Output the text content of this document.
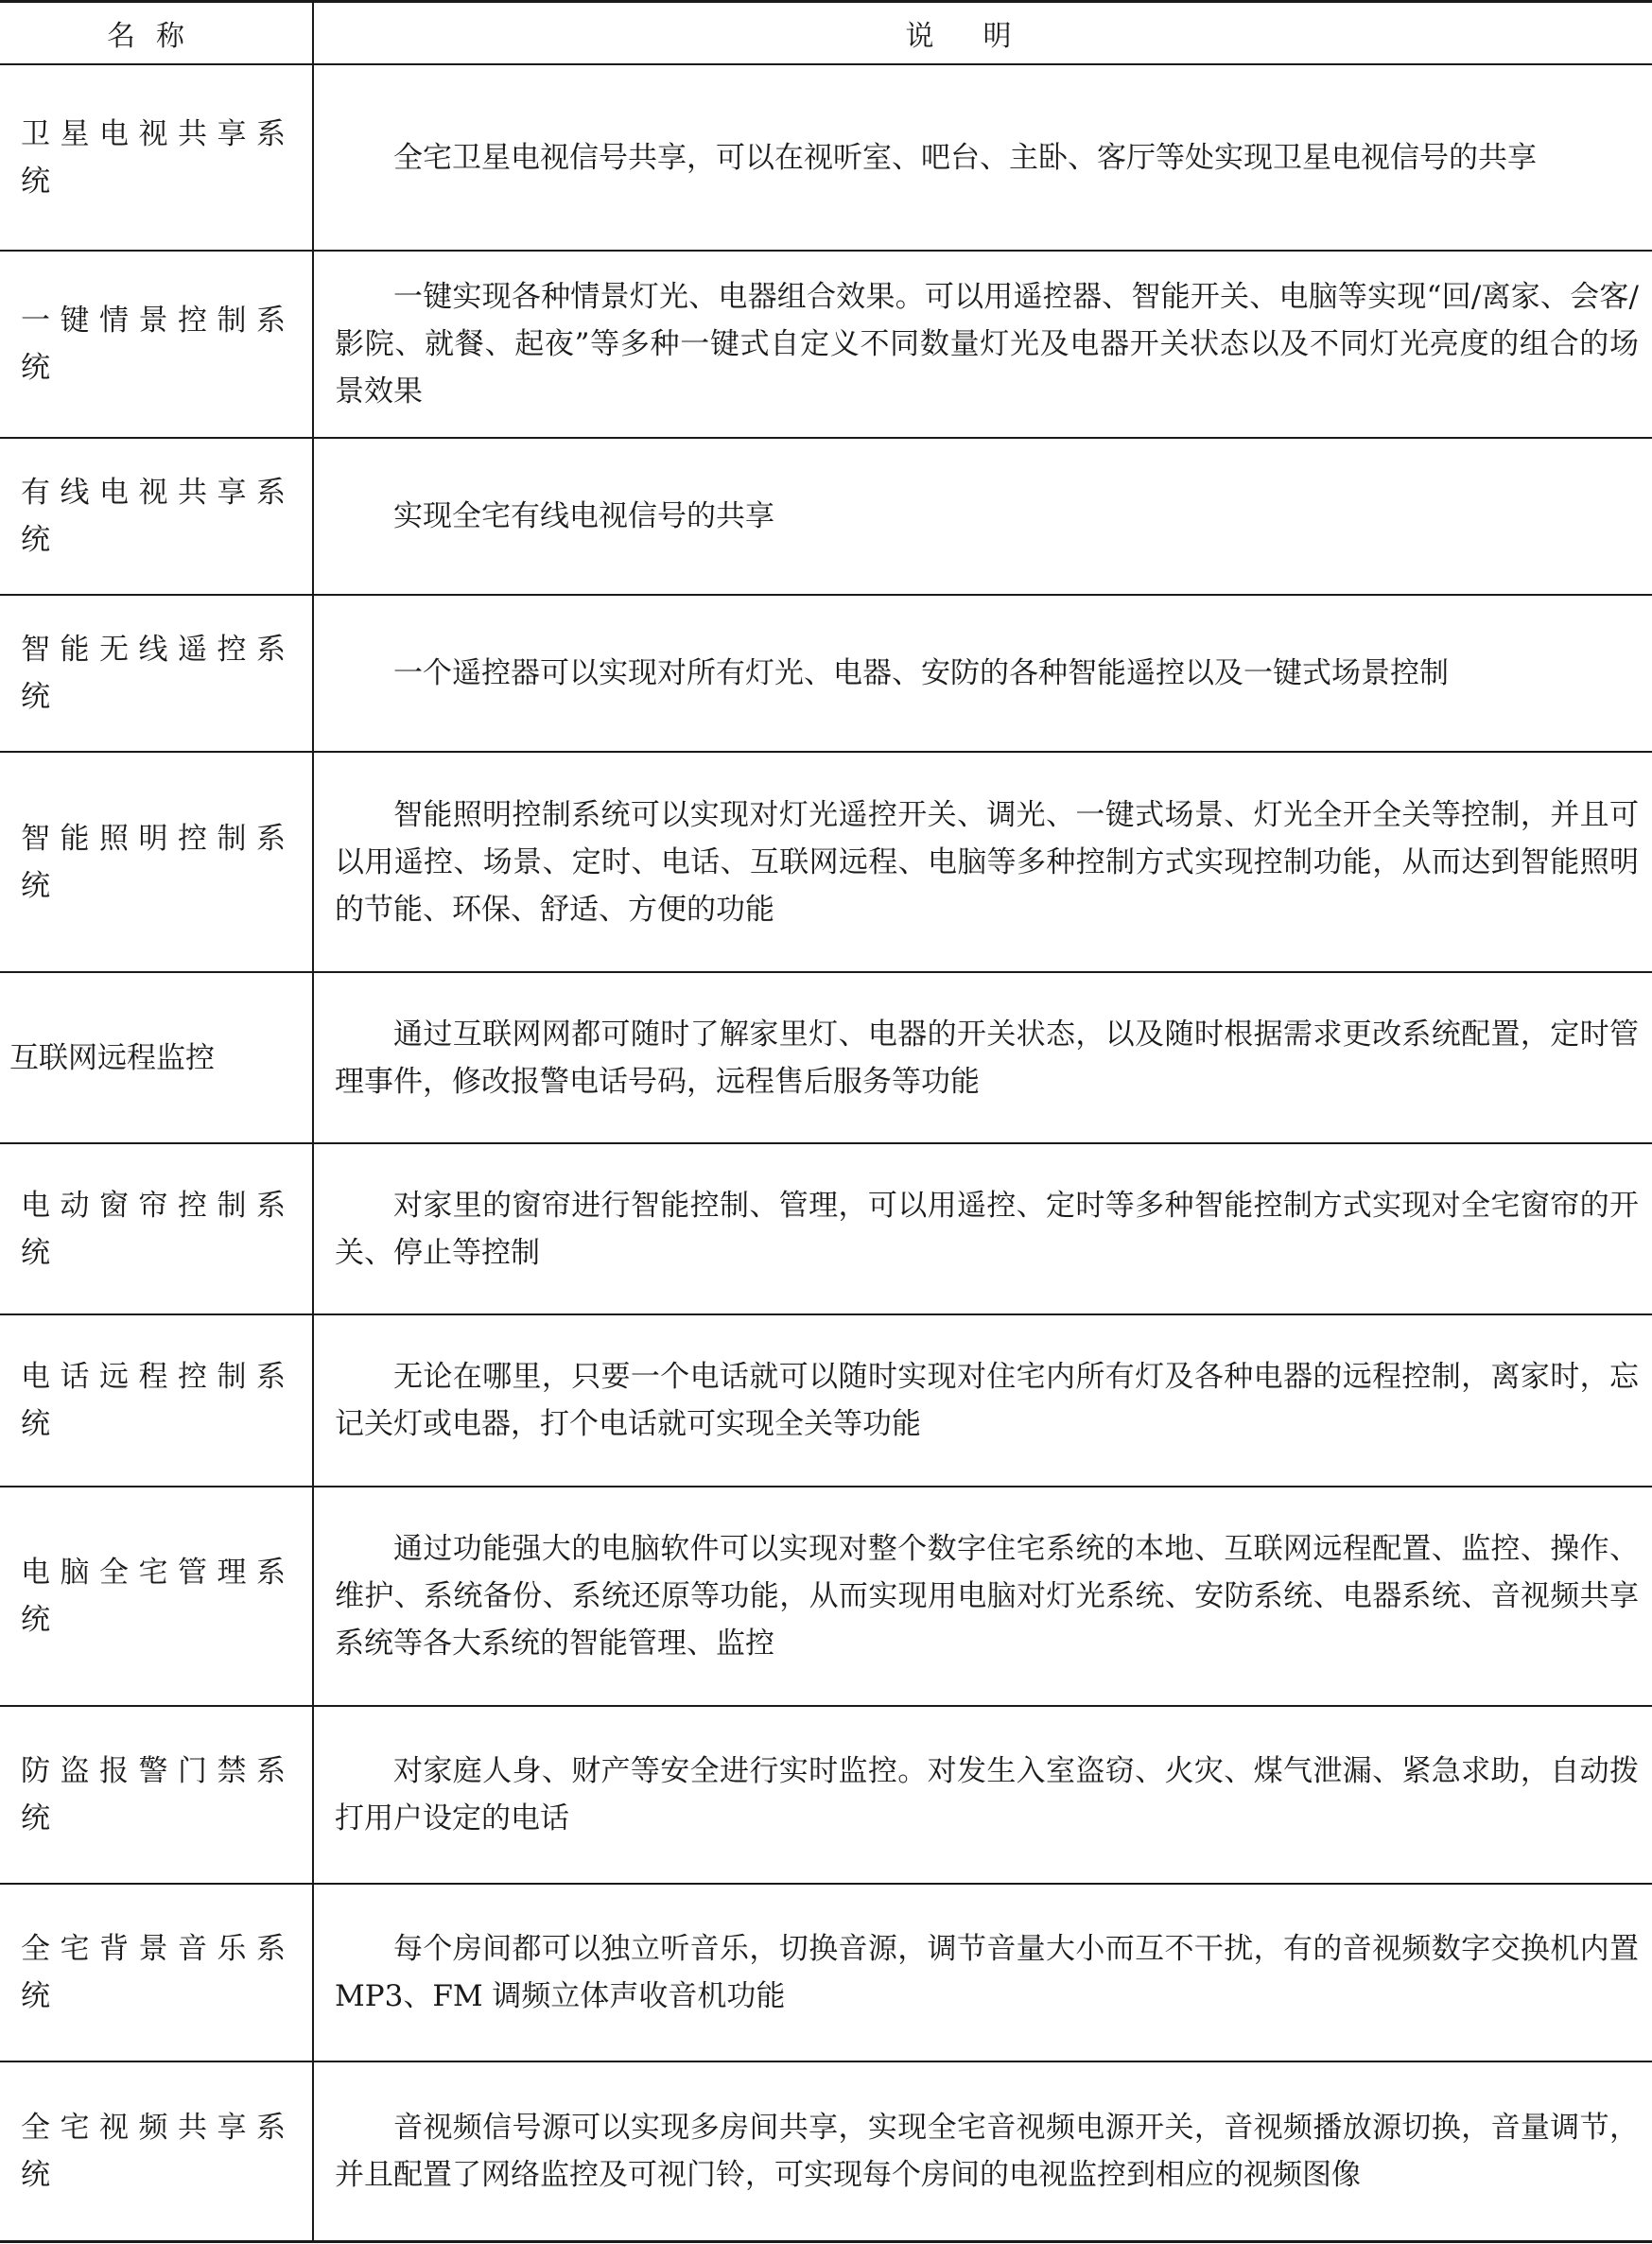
名称	说明
卫星电视共享系统	全宅卫星电视信号共享，可以在视听室、吧台、主卧、客厅等处实现卫星电视信号的共享
一键情景控制系统	一键实现各种情景灯光、电器组合效果。可以用遥控器、智能开关、电脑等实现“回/离家、会客/影院、就餐、起夜”等多种一键式自定义不同数量灯光及电器开关状态以及不同灯光亮度的组合的场景效果
有线电视共享系统	实现全宅有线电视信号的共享
智能无线遥控系统	一个遥控器可以实现对所有灯光、电器、安防的各种智能遥控以及一键式场景控制
智能照明控制系统	智能照明控制系统可以实现对灯光遥控开关、调光、一键式场景、灯光全开全关等控制，并且可以用遥控、场景、定时、电话、互联网远程、电脑等多种控制方式实现控制功能，从而达到智能照明的节能、环保、舒适、方便的功能
互联网远程监控	通过互联网网都可随时了解家里灯、电器的开关状态，以及随时根据需求更改系统配置，定时管理事件，修改报警电话号码，远程售后服务等功能
电动窗帘控制系统	对家里的窗帘进行智能控制、管理，可以用遥控、定时等多种智能控制方式实现对全宅窗帘的开关、停止等控制
电话远程控制系统	无论在哪里，只要一个电话就可以随时实现对住宅内所有灯及各种电器的远程控制，离家时，忘记关灯或电器，打个电话就可实现全关等功能
电脑全宅管理系统	通过功能强大的电脑软件可以实现对整个数字住宅系统的本地、互联网远程配置、监控、操作、维护、系统备份、系统还原等功能，从而实现用电脑对灯光系统、安防系统、电器系统、音视频共享系统等各大系统的智能管理、监控
防盗报警门禁系统	对家庭人身、财产等安全进行实时监控。对发生入室盗窃、火灾、煤气泄漏、紧急求助，自动拨打用户设定的电话
全宅背景音乐系统	每个房间都可以独立听音乐，切换音源，调节音量大小而互不干扰，有的音视频数字交换机内置 MP3、FM 调频立体声收音机功能
全宅视频共享系统	音视频信号源可以实现多房间共享，实现全宅音视频电源开关，音视频播放源切换，音量调节，并且配置了网络监控及可视门铃，可实现每个房间的电视监控到相应的视频图像
